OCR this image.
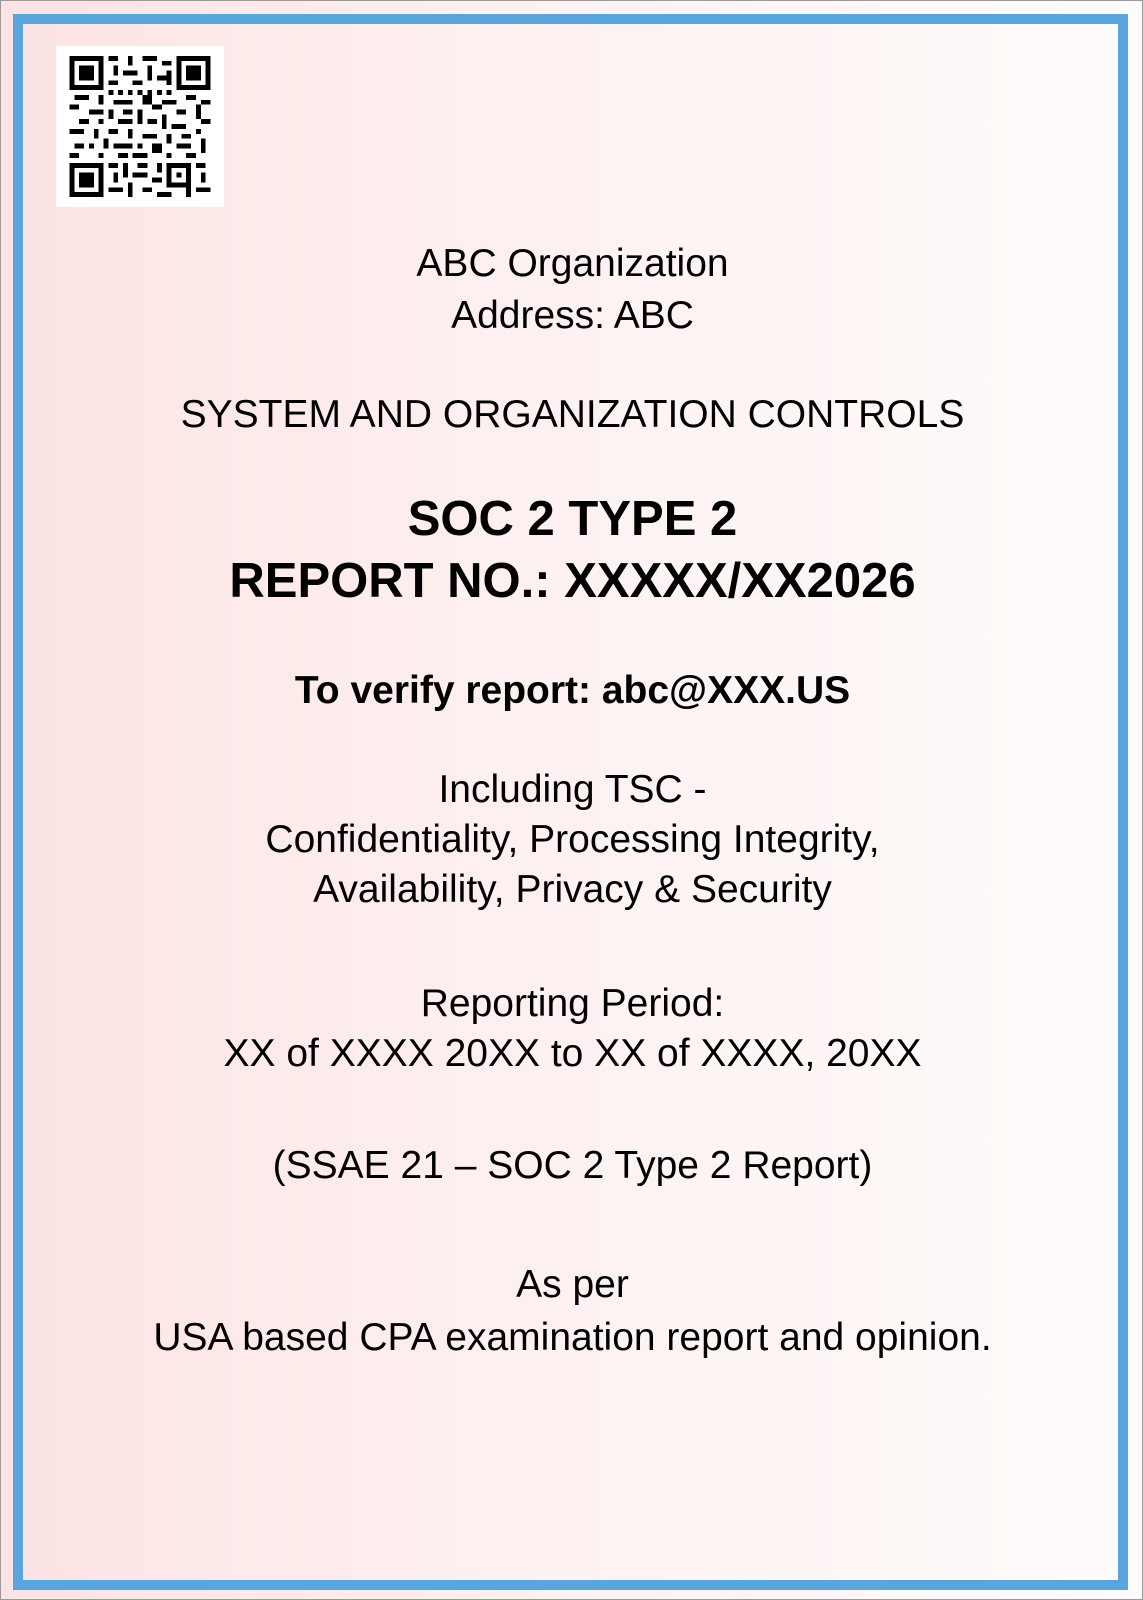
ABC Organization

Address: ABC

SYSTEM AND ORGANIZATION CONTROLS

SOC 2 TYPE 2

REPORT NO.: XXXXX/XX2026

To verify report: abc@XXX.US

Including TSC -

Confidentiality, Processing Integrity,

Availability, Privacy & Security

Reporting Period:

XX of XXXX 20XX to XX of XXXX, 20XX

(SSAE 21 – SOC 2 Type 2 Report)

As per

USA based CPA examination report and opinion.
